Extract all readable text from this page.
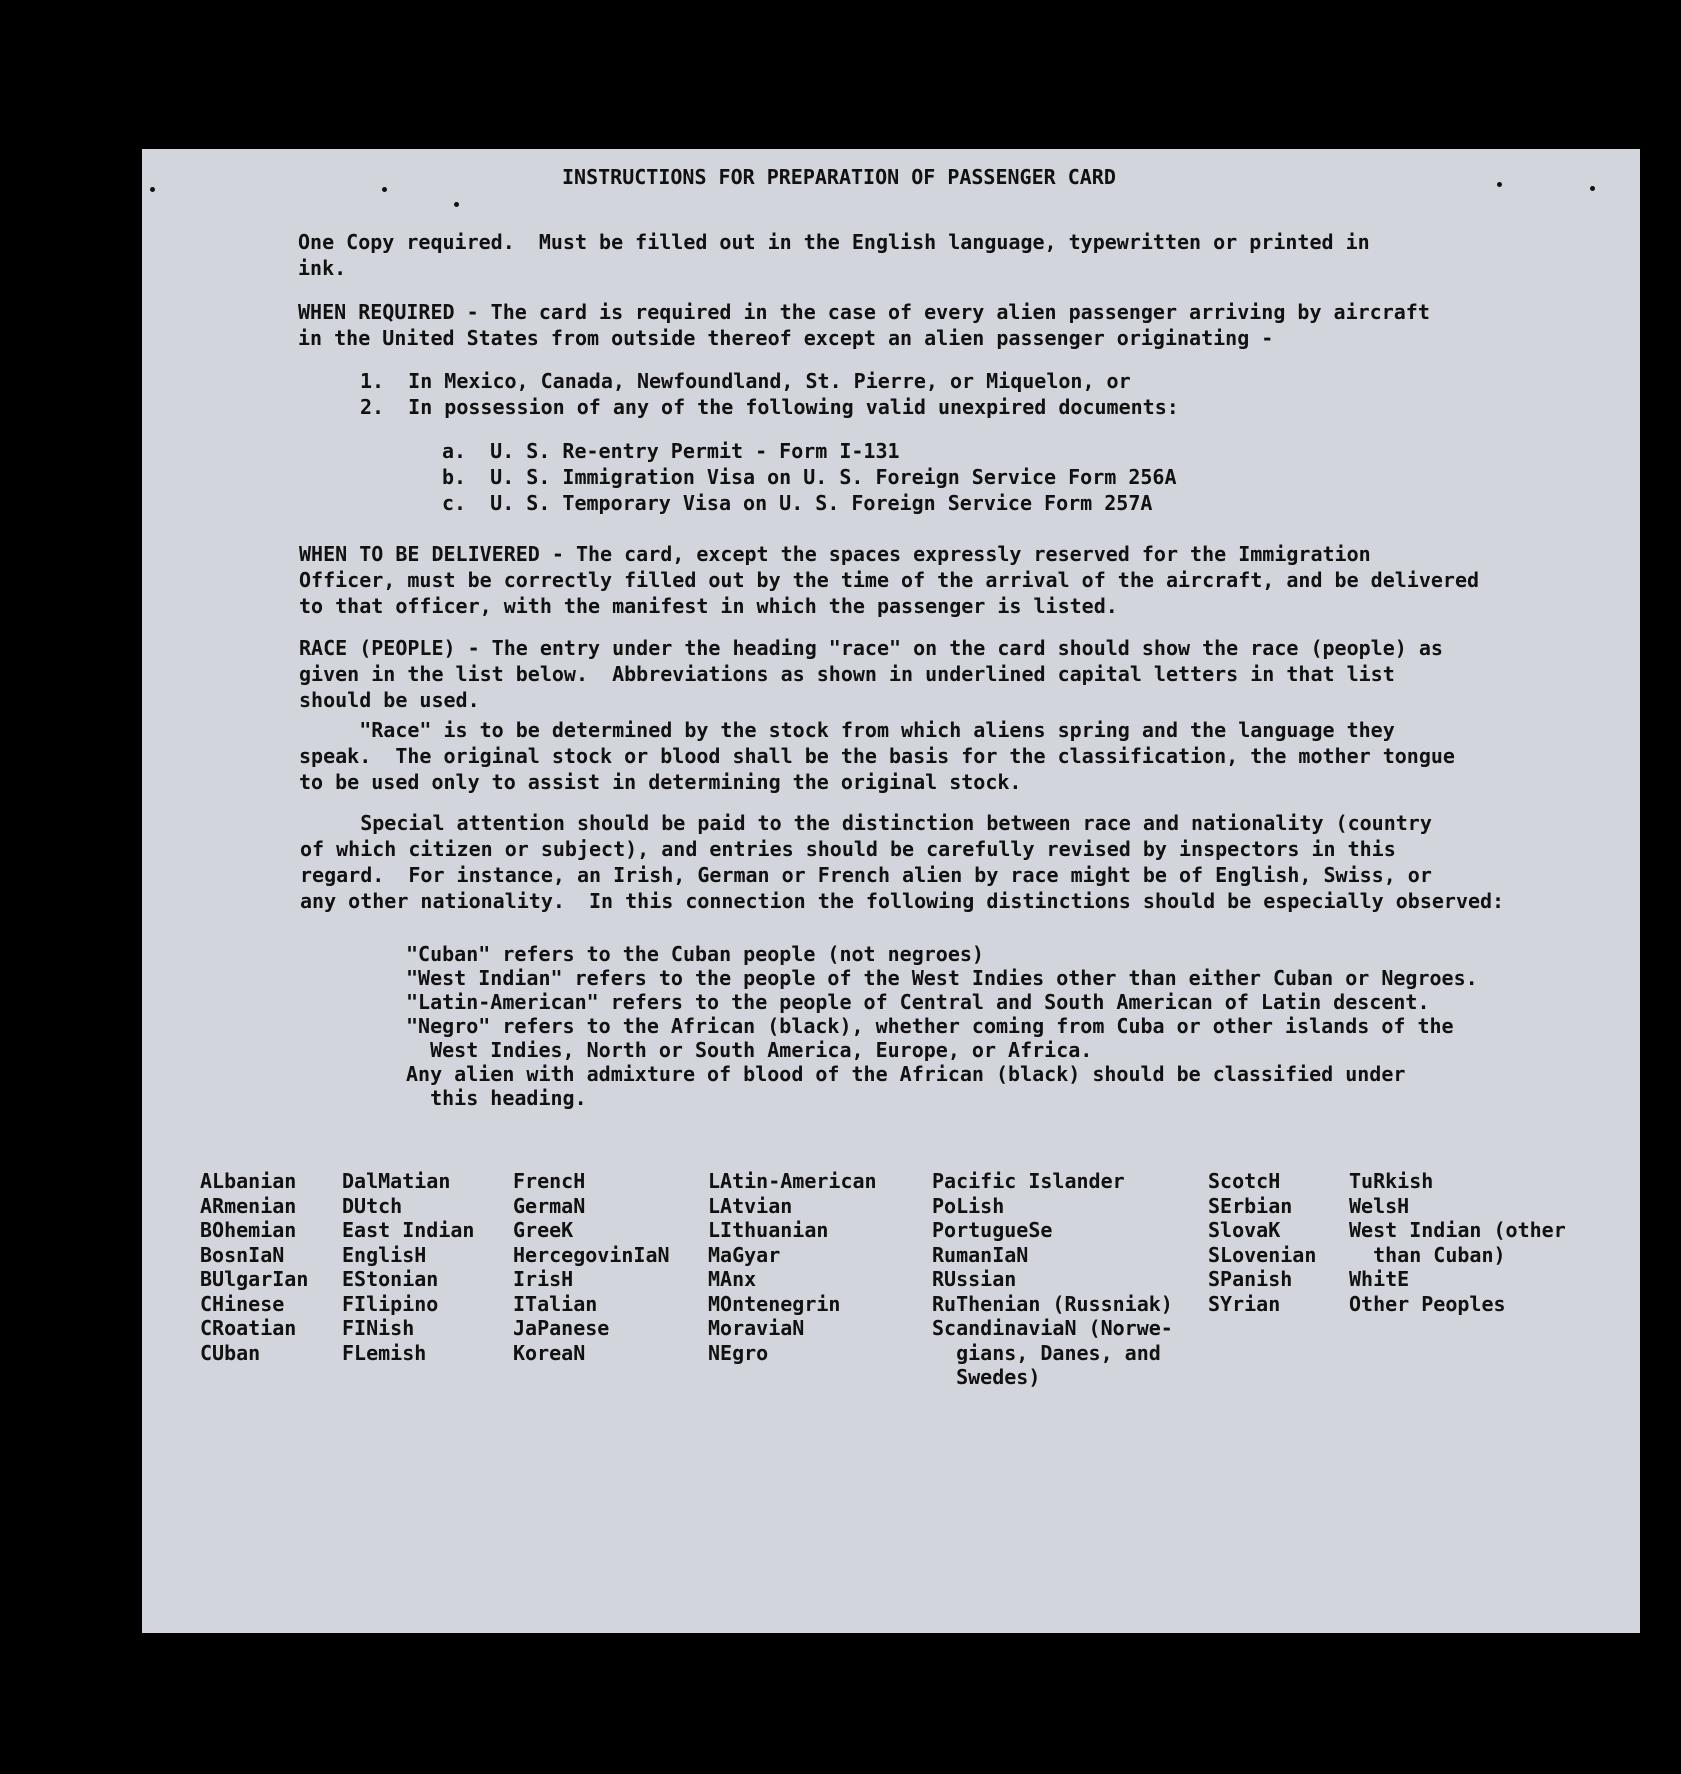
INSTRUCTIONS FOR PREPARATION OF PASSENGER CARD
One Copy required.  Must be filled out in the English language, typewritten or printed in
ink.
WHEN REQUIRED - The card is required in the case of every alien passenger arriving by aircraft
in the United States from outside thereof except an alien passenger originating -
1.  In Mexico, Canada, Newfoundland, St. Pierre, or Miquelon, or
2.  In possession of any of the following valid unexpired documents:
a.  U. S. Re-entry Permit - Form I-131
b.  U. S. Immigration Visa on U. S. Foreign Service Form 256A
c.  U. S. Temporary Visa on U. S. Foreign Service Form 257A
WHEN TO BE DELIVERED - The card, except the spaces expressly reserved for the Immigration
Officer, must be correctly filled out by the time of the arrival of the aircraft, and be delivered
to that officer, with the manifest in which the passenger is listed.
RACE (PEOPLE) - The entry under the heading "race" on the card should show the race (people) as
given in the list below.  Abbreviations as shown in underlined capital letters in that list
should be used.
"Race" is to be determined by the stock from which aliens spring and the language they
speak.  The original stock or blood shall be the basis for the classification, the mother tongue
to be used only to assist in determining the original stock.
Special attention should be paid to the distinction between race and nationality (country
of which citizen or subject), and entries should be carefully revised by inspectors in this
regard.  For instance, an Irish, German or French alien by race might be of English, Swiss, or
any other nationality.  In this connection the following distinctions should be especially observed:
"Cuban" refers to the Cuban people (not negroes)
"West Indian" refers to the people of the West Indies other than either Cuban or Negroes.
"Latin-American" refers to the people of Central and South American of Latin descent.
"Negro" refers to the African (black), whether coming from Cuba or other islands of the
West Indies, North or South America, Europe, or Africa.
Any alien with admixture of blood of the African (black) should be classified under
this heading.
ALbanian
ARmenian
BOhemian
BosnIaN
BUlgarIan
CHinese
CRoatian
CUban
DalMatian
DUtch
East Indian
EnglisH
EStonian
FIlipino
FINish
FLemish
FrencH
GermaN
GreeK
HercegovinIaN
IrisH
ITalian
JaPanese
KoreaN
LAtin-American
LAtvian
LIthuanian
MaGyar
MAnx
MOntenegrin
MoraviaN
NEgro
Pacific Islander
PoLish
PortugueSe
RumanIaN
RUssian
RuThenian (Russniak)
ScandinaviaN (Norwe-
gians, Danes, and
Swedes)
ScotcH
SErbian
SlovaK
SLovenian
SPanish
SYrian
TuRkish
WelsH
West Indian (other
than Cuban)
WhitE
Other Peoples
